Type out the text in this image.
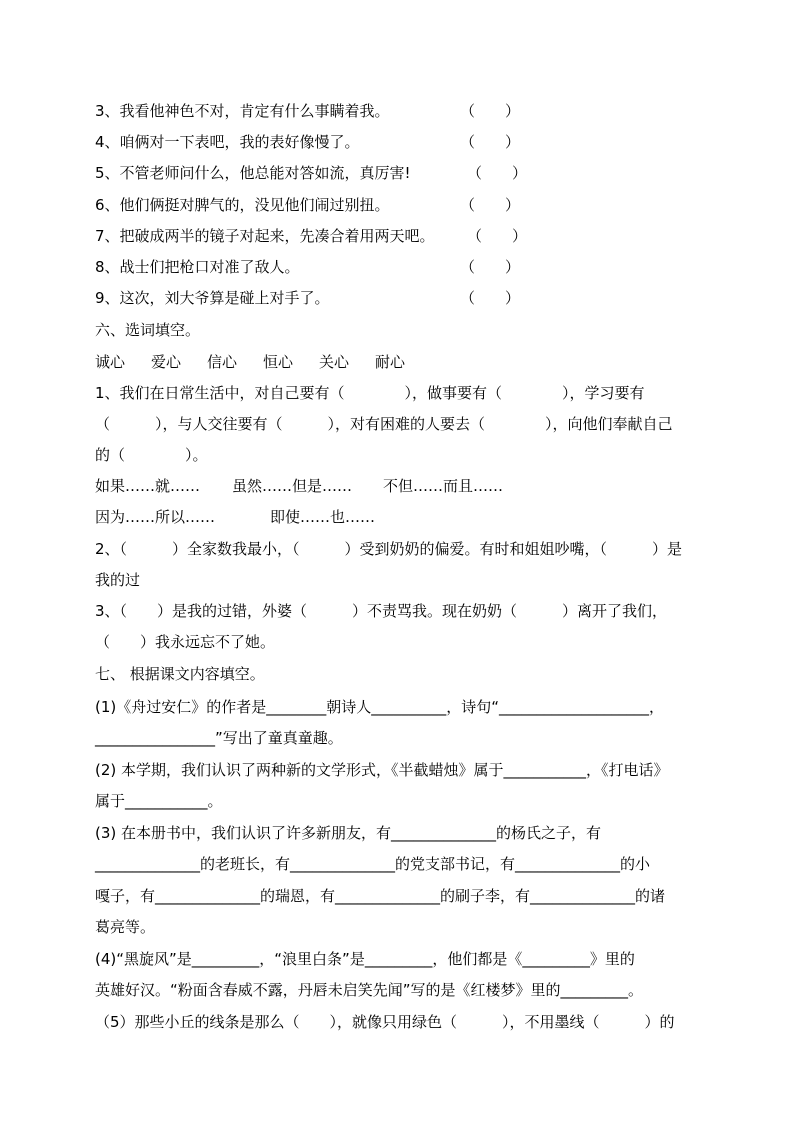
3、我看他神色不对，肯定有什么事瞒着我。	（　　）
4、咱俩对一下表吧，我的表好像慢了。	（　　）
5、不管老师问什么，他总能对答如流，真厉害!	（　　）
6、他们俩挺对脾气的，没见他们闹过别扭。	（　　）
7、把破成两半的镜子对起来，先凑合着用两天吧。 （　　）
8、战士们把枪口对准了敌人。	（　　）
9、这次，刘大爷算是碰上对手了。	（　　）
六、选词填空。

诚心

爱心

信心

恒心

关心

耐心

1、我们在日常生活中，对自己要有（　　　　），做事要有（　　　　），学习要有
（　　　），与人交往要有（　　　），对有困难的人要去（　　　　），向他们奉献自己
的（　　　　）。

如果……就……

虽然……但是……

不但……而且……

因为……所以……

	即使……也……

2、（　　　）全家数我最小，（　　　）受到奶奶的偏爱。有时和姐姐吵嘴，（　　　）是
我的过
3、（　　）是我的过错，外婆（　　　）不责骂我。现在奶奶（　　　）离开了我们，
（　　）我永远忘不了她。
七、 根据课文内容填空。
(1)《舟过安仁》的作者是________朝诗人__________，诗句“____________________，
________________”写出了童真童趣。
(2) 本学期，我们认识了两种新的文学形式，《半截蜡烛》属于___________，《打电话》
属于___________。
(3) 在本册书中，我们认识了许多新朋友，有______________的杨氏之子，有
______________的老班长，有______________的党支部书记，有______________的小
嘎子，有______________的瑞恩，有______________的刷子李，有______________的诸
葛亮等。
(4)“黑旋风”是_________，“浪里白条”是_________，他们都是《_________》里的
英雄好汉。“粉面含春威不露，丹唇未启笑先闻”写的是《红楼梦》里的_________。
（5）那些小丘的线条是那么（　　），就像只用绿色（　　　），不用墨线（　　　）的
